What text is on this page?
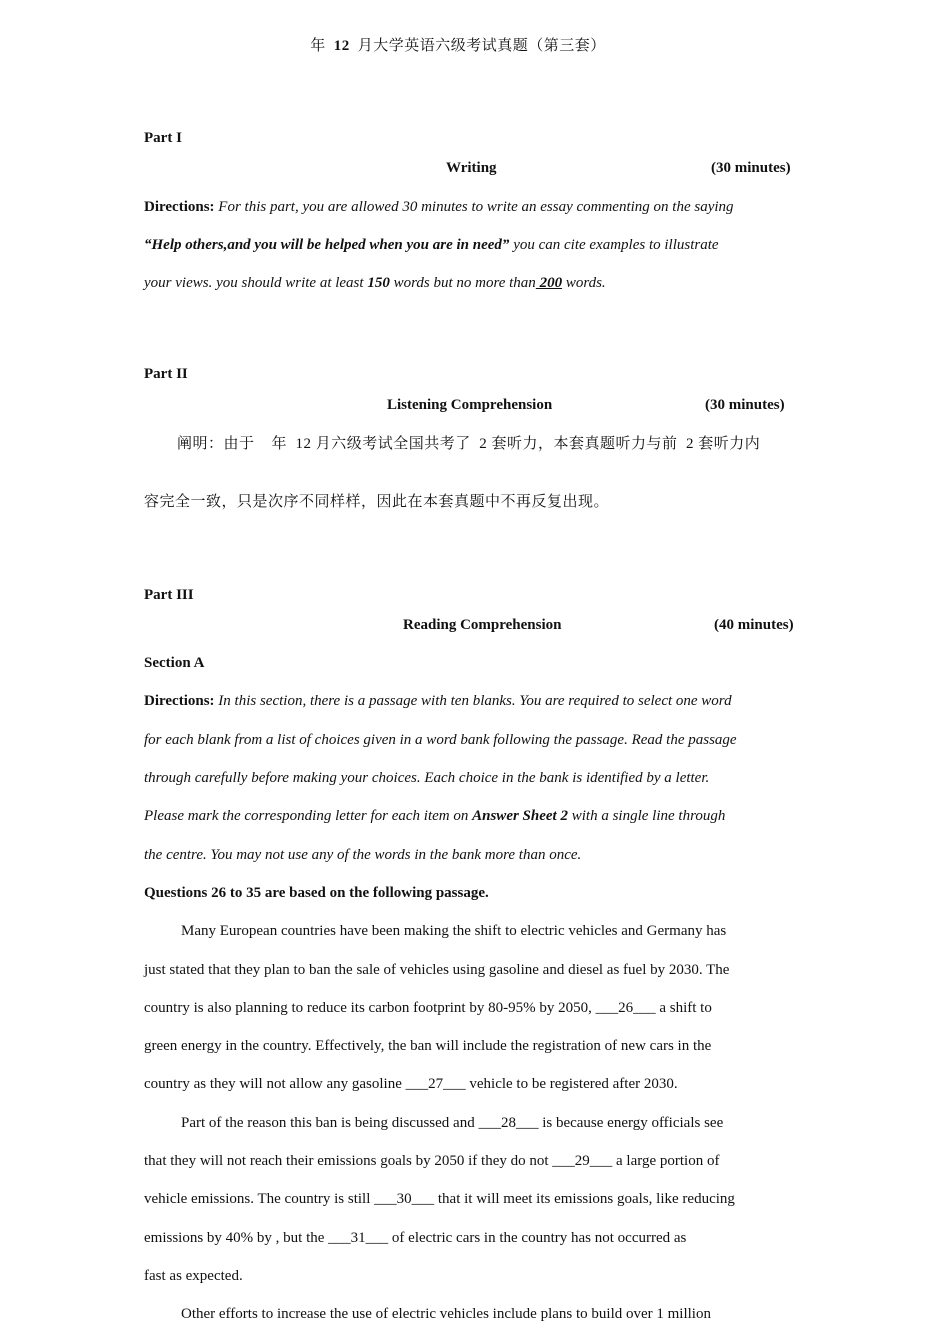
年 12 月大学英语六级考试真题（第三套）
Part I
Writing	(30 minutes)
Directions: For this part, you are allowed 30 minutes to write an essay commenting on the saying
“Help others,and you will be helped when you are in need” you can cite examples to illustrate
your views. you should write at least 150 words but no more than 200 words.
Part II
Listening Comprehension	(30 minutes)
阐明：由于    年  12 月六级考试全国共考了  2 套听力，本套真题听力与前  2 套听力内
容完全一致，只是次序不同样样，因此在本套真题中不再反复出现。
Part III
Reading Comprehension	(40 minutes)
Section A
Directions: In this section, there is a passage with ten blanks. You are required to select one word
for each blank from a list of choices given in a word bank following the passage. Read the passage
through carefully before making your choices. Each choice in the bank is identified by a letter.
Please mark the corresponding letter for each item on Answer Sheet 2 with a single line through
the centre. You may not use any of the words in the bank more than once.
Questions 26 to 35 are based on the following passage.
Many European countries have been making the shift to electric vehicles and Germany has
just stated that they plan to ban the sale of vehicles using gasoline and diesel as fuel by 2030. The
country is also planning to reduce its carbon footprint by 80-95% by 2050, ___26___ a shift to
green energy in the country. Effectively, the ban will include the registration of new cars in the
country as they will not allow any gasoline ___27___ vehicle to be registered after 2030.
Part of the reason this ban is being discussed and ___28___ is because energy officials see
that they will not reach their emissions goals by 2050 if they do not ___29___ a large portion of
vehicle emissions. The country is still ___30___ that it will meet its emissions goals, like reducing
emissions by 40% by , but the ___31___ of electric cars in the country has not occurred as
fast as expected.
Other efforts to increase the use of electric vehicles include plans to build over 1 million
